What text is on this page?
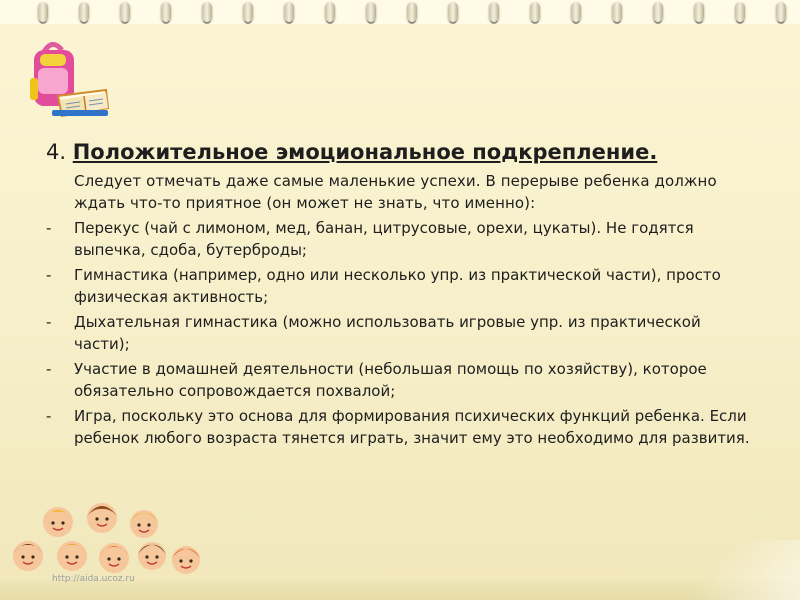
4. Положительное эмоциональное подкрепление.

Следует отмечать даже самые маленькие успехи. В перерыве ребенка должно ждать что-то приятное (он может не знать, что именно):

-	Перекус (чай с лимоном, мед, банан, цитрусовые, орехи, цукаты). Не годятся выпечка, сдоба, бутерброды;
-	Гимнастика (например, одно или несколько упр. из практической части), просто физическая активность;
-	Дыхательная гимнастика (можно использовать игровые упр. из практической части);
-	Участие в домашней деятельности (небольшая помощь по хозяйству), которое обязательно сопровождается похвалой;
-	Игра, поскольку это основа для формирования психических функций ребенка. Если ребенок любого возраста тянется играть, значит ему это необходимо для развития.
http://aida.ucoz.ru
